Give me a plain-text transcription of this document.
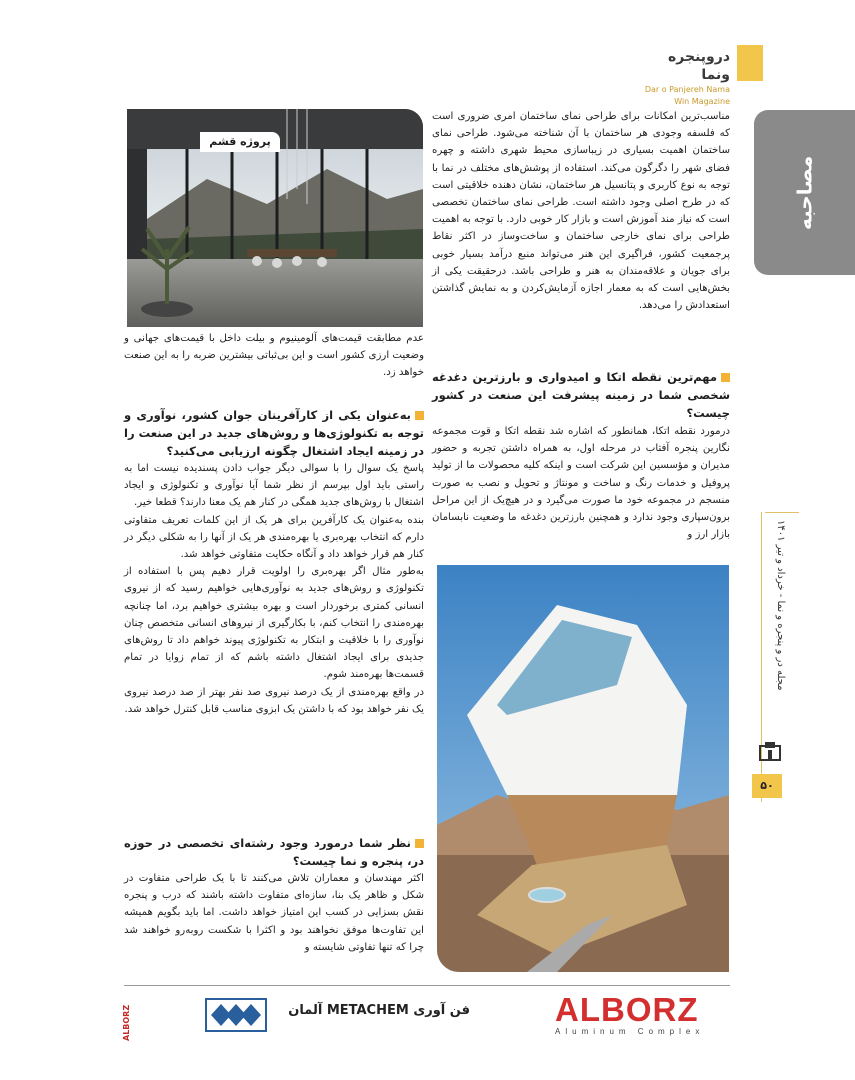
دروپنجره ونما
Dar o Panjereh Nama Win Magazine
مصاحبه
مجله در و پنجره و نما - خرداد و تیر ۱۴۰۱
۵۰

مناسب‌ترین امکانات برای طراحی نمای ساختمان امری ضروری است که فلسفه وجودی هر ساختمان با آن شناخته می‌شود. طراحی نمای ساختمان اهمیت بسیاری در زیباسازی محیط شهری داشته و چهره فضای شهر را دگرگون می‌کند. استفاده از پوشش‌های مختلف در نما با توجه به نوع کاربری و پتانسیل هر ساختمان، نشان دهنده خلاقیتی است که در طرح اصلی وجود داشته است. طراحی نمای ساختمان تخصصی است که نیاز مند آموزش است و بازار کار خوبی دارد. با توجه به اهمیت طراحی برای نمای خارجی ساختمان و ساخت‌وساز در اکثر نقاط پرجمعیت کشور، فراگیری این هنر می‌تواند منبع درآمد بسیار خوبی برای جویان و علاقه‌مندان به هنر و طراحی باشد. درحقیقت یکی از بخش‌هایی است که به معمار اجازه آزمایش‌کردن و به نمایش گذاشتن استعدادش را می‌دهد.

مهم‌ترین نقطه اتکا و امیدواری و بارزترین دغدغه شخصی شما در زمینه پیشرفت این صنعت در کشور چیست؟

درمورد نقطه اتکا، همانطور که اشاره شد نقطه اتکا و قوت مجموعه نگارین پنجره آفتاب در مرحله اول، به همراه داشتن تجربه و حضور مدیران و مؤسسین این شرکت است و اینکه کلیه محصولات ما از تولید پروفیل و خدمات رنگ و ساخت و مونتاژ و تحویل و نصب به صورت منسجم در مجموعه خود ما صورت می‌گیرد و در هیچ‌یک از این مراحل برون‌سپاری وجود ندارد و همچنین بارزترین دغدغه ما وضعیت نابسامان بازار ارز و

پروژه قشم

عدم مطابقت قیمت‌های آلومینیوم و بیلت داخل با قیمت‌های جهانی و وضعیت ارزی کشور است و این بی‌ثباتی بیشترین ضربه را به این صنعت خواهد زد.

به‌عنوان یکی از کارآفرینان جوان کشور، نوآوری و توجه به تکنولوژی‌ها و روش‌های جدید در این صنعت را در زمینه ایجاد اشتغال چگونه ارزیابی می‌کنید؟

پاسخ یک سوال را با سوالی دیگر جواب دادن پسندیده نیست اما به راستی باید اول بپرسم از نظر شما آیا نوآوری و تکنولوژی و ایجاد اشتغال با روش‌های جدید همگی در کنار هم یک معنا دارند؟ قطعا خیر.

بنده به‌عنوان یک کارآفرین برای هر یک از این کلمات تعریف متفاوتی دارم که انتخاب بهره‌بری یا بهره‌مندی هر یک از آنها را به شکلی دیگر در کنار هم قرار خواهد داد و آنگاه حکایت متفاوتی خواهد شد.

به‌طور مثال اگر بهره‌بری را اولویت قرار دهیم پس با استفاده از تکنولوژی و روش‌های جدید به نوآوری‌هایی خواهیم رسید که از نیروی انسانی کمتری برخوردار است و بهره بیشتری خواهیم برد، اما چنانچه بهره‌مندی را انتخاب کنم، با بکارگیری از نیروهای انسانی متخصص چنان نوآوری را با خلاقیت و ابتکار به تکنولوژی پیوند خواهم داد تا روش‌های جدیدی برای ایجاد اشتغال داشته باشم که از تمام زوایا در تمام قسمت‌ها بهره‌مند شوم.

در واقع بهره‌مندی از یک درصد نیروی صد نفر بهتر از صد درصد نیروی یک نفر خواهد بود که با داشتن یک ابزوی مناسب قابل کنترل خواهد شد.

نظر شما درمورد وجود رشته‌ای تخصصی در حوزه در، پنجره و نما چیست؟

اکثر مهندسان و معماران تلاش می‌کنند تا با یک طراحی متفاوت در شکل و ظاهر یک بنا، سازه‌ای متفاوت داشته باشند که درب و پنجره نقش بسزایی در کسب این امتیاز خواهد داشت. اما باید بگویم همیشه این تفاوت‌ها موفق نخواهند بود و اکثرا با شکست روبه‌رو خواهند شد چرا که تنها تفاوتی شایسته و

ALBORZ
Aluminum Complex
فن آوری METACHEM آلمان
ALBORZ
